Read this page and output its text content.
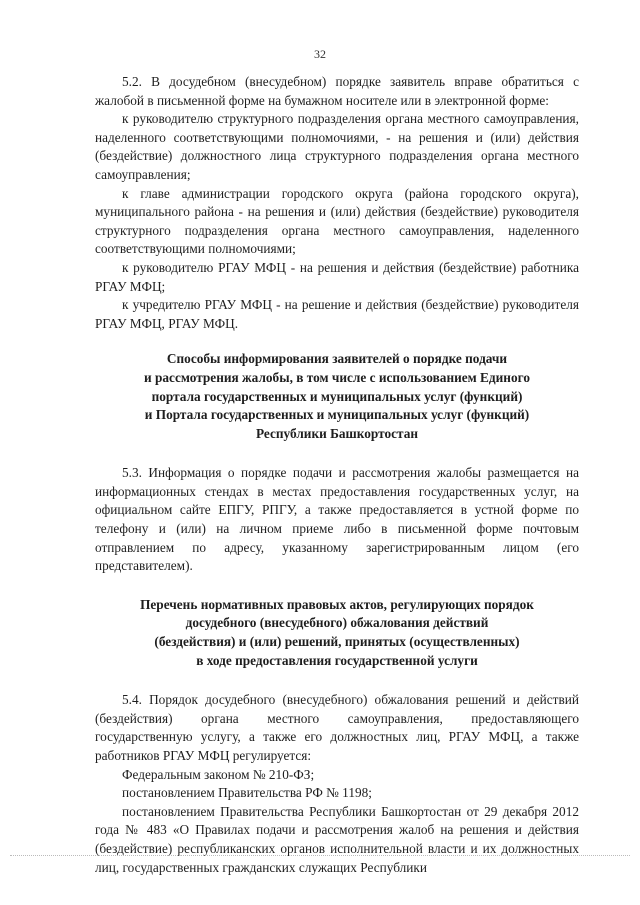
32

5.2. В досудебном (внесудебном) порядке заявитель вправе обратиться с жалобой в письменной форме на бумажном носителе или в электронной форме:

к руководителю структурного подразделения органа местного самоуправления, наделенного соответствующими полномочиями, - на решения и (или) действия (бездействие) должностного лица структурного подразделения органа местного самоуправления;

к главе администрации городского округа (района городского округа), муниципального района - на решения и (или) действия (бездействие) руководителя структурного подразделения органа местного самоуправления, наделенного соответствующими полномочиями;

к руководителю РГАУ МФЦ - на решения и действия (бездействие) работника РГАУ МФЦ;

к учредителю РГАУ МФЦ - на решение и действия (бездействие) руководителя РГАУ МФЦ, РГАУ МФЦ.

Способы информирования заявителей о порядке подачи
и рассмотрения жалобы, в том числе с использованием Единого
портала государственных и муниципальных услуг (функций)
и Портала государственных и муниципальных услуг (функций)
Республики Башкортостан

5.3. Информация о порядке подачи и рассмотрения жалобы размещается на информационных стендах в местах предоставления государственных услуг, на официальном сайте ЕПГУ, РПГУ, а также предоставляется в устной форме по телефону и (или) на личном приеме либо в письменной форме почтовым отправлением по адресу, указанному зарегистрированным лицом (его представителем).

Перечень нормативных правовых актов, регулирующих порядок
досудебного (внесудебного) обжалования действий
(бездействия) и (или) решений, принятых (осуществленных)
в ходе предоставления государственной услуги

5.4. Порядок досудебного (внесудебного) обжалования решений и действий (бездействия) органа местного самоуправления, предоставляющего государственную услугу, а также его должностных лиц, РГАУ МФЦ, а также работников РГАУ МФЦ регулируется:

Федеральным законом № 210-ФЗ;

постановлением Правительства РФ № 1198;

постановлением Правительства Республики Башкортостан от 29 декабря 2012 года № 483 «О Правилах подачи и рассмотрения жалоб на решения и действия (бездействие) республиканских органов исполнительной власти и их должностных лиц, государственных гражданских служащих Республики
